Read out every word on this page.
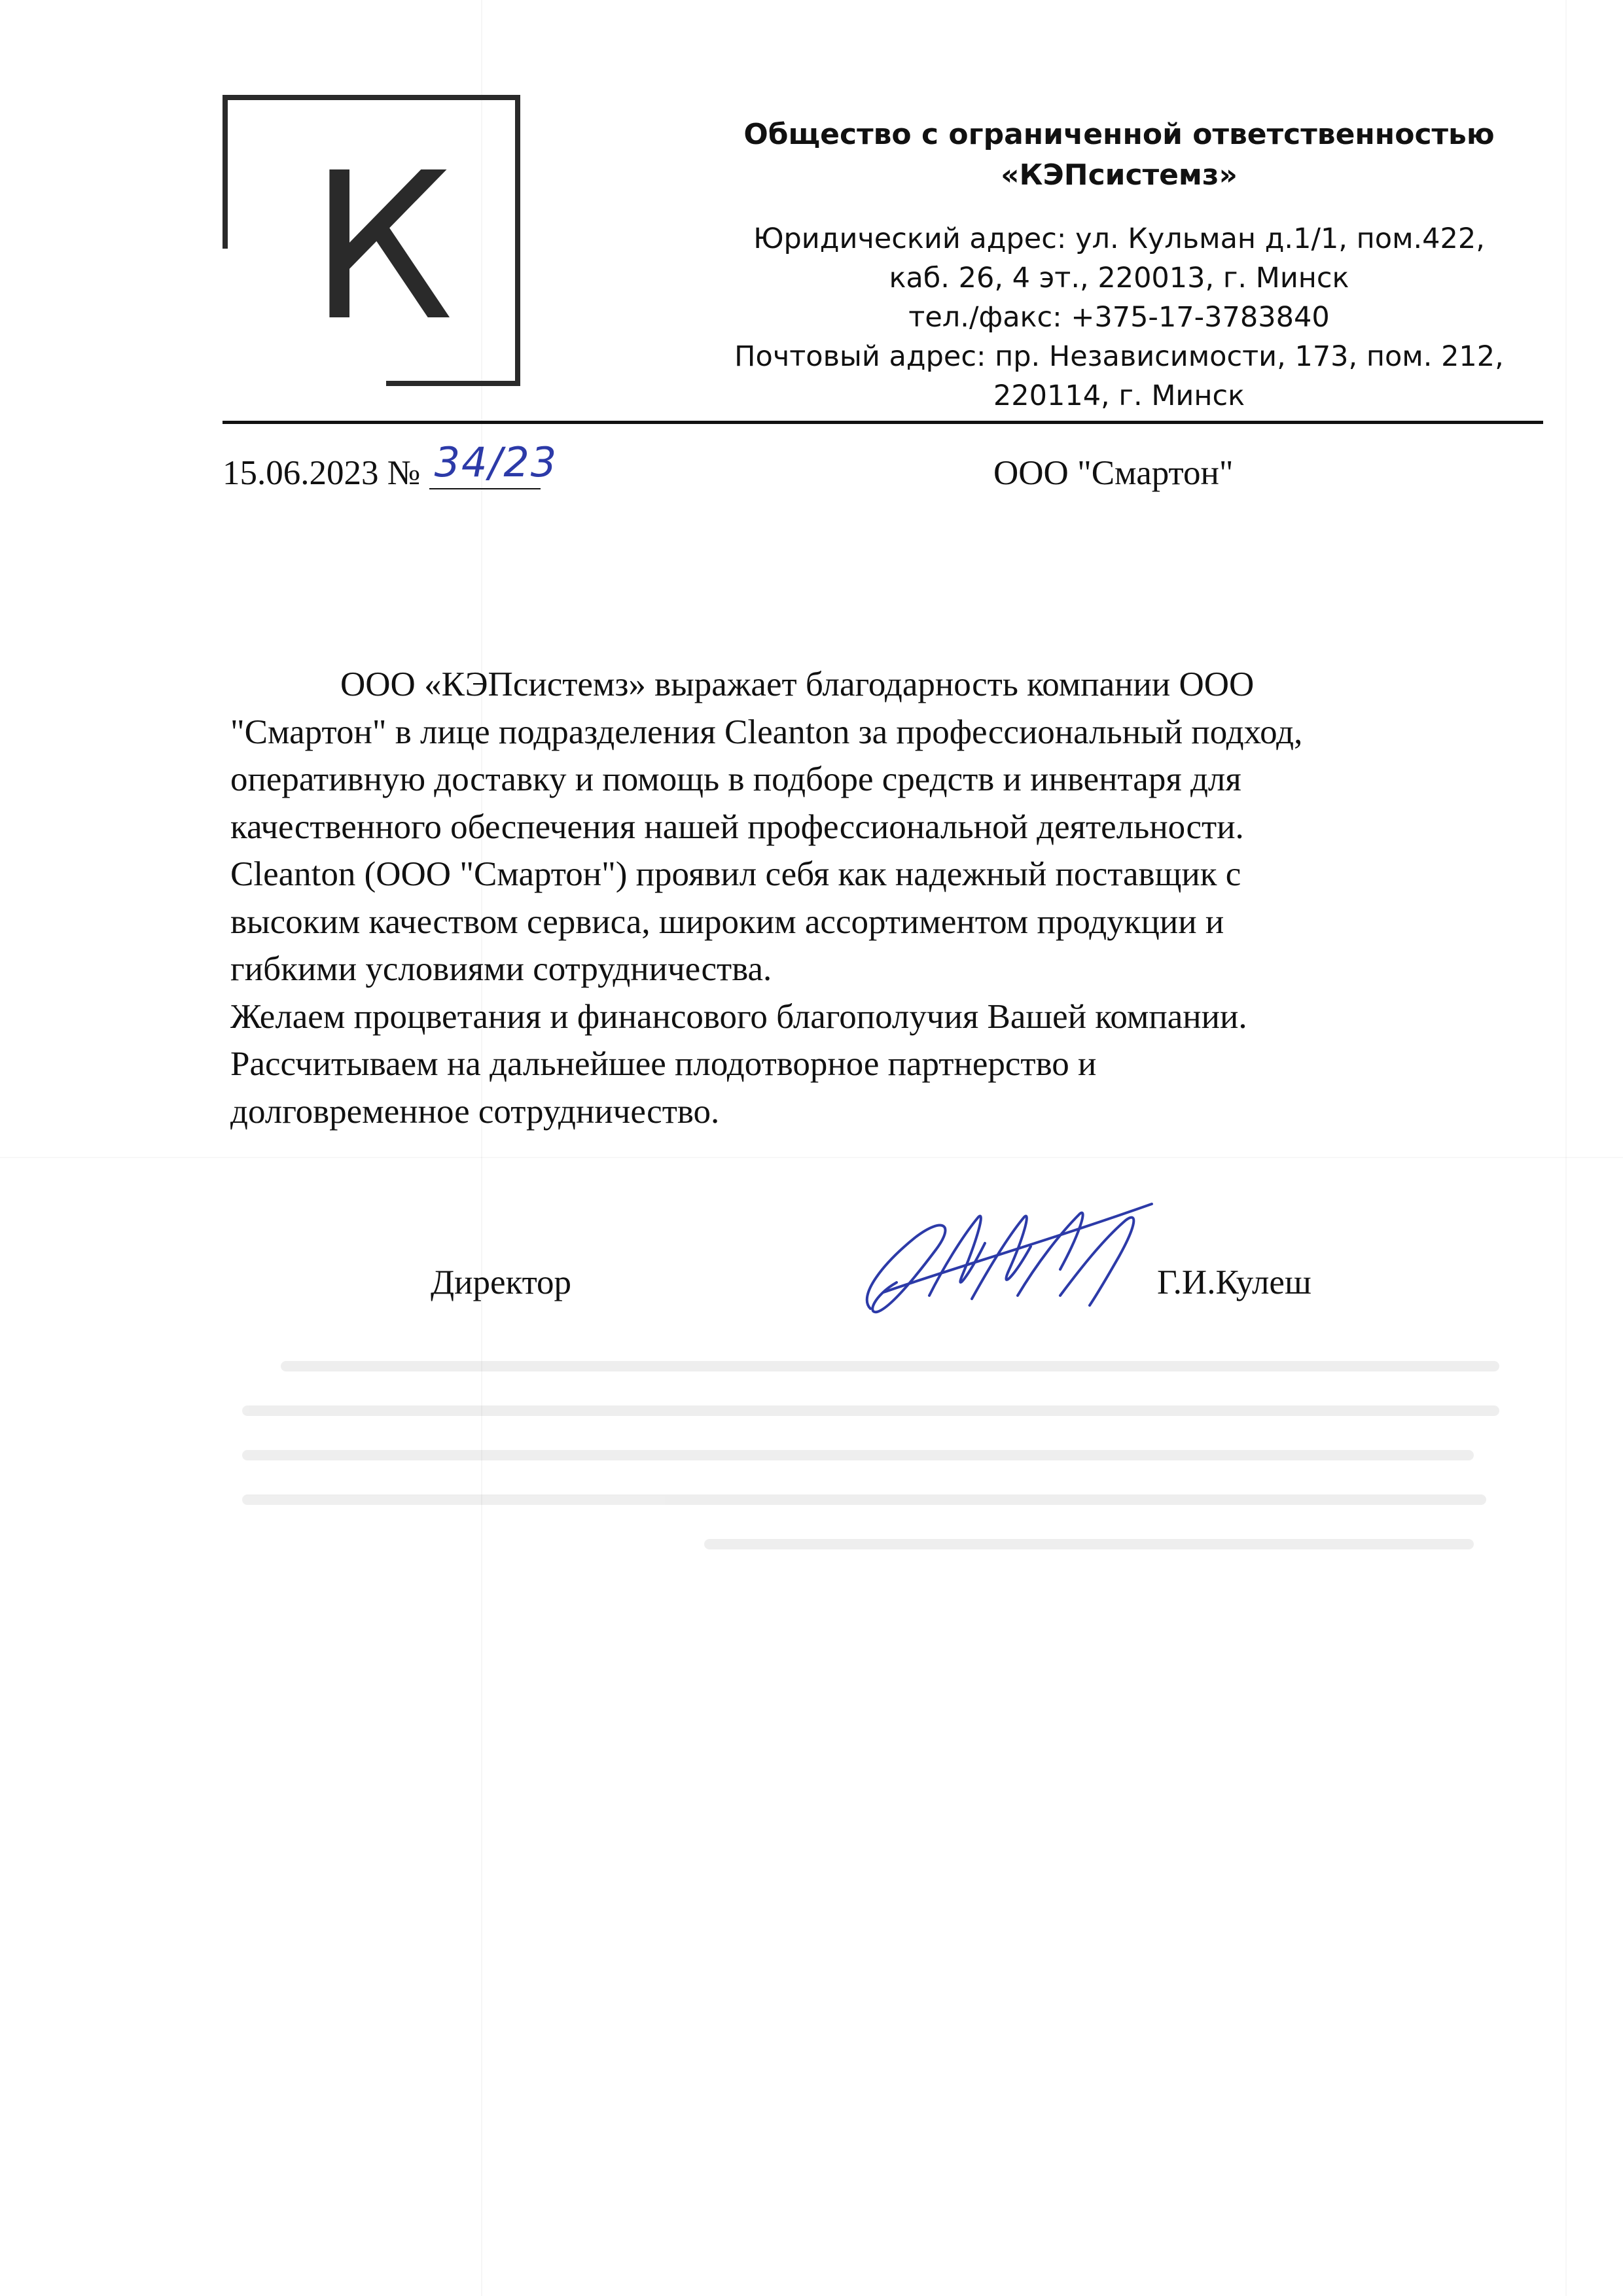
К	Общество с ограниченной ответственностью
«КЭПсистемз»
Юридический адрес: ул. Кульман д.1/1, пом.422,
каб. 26, 4 эт., 220013, г. Минск
тел./факс: +375-17-3783840
Почтовый адрес: пр. Независимости, 173, пом. 212,
220114, г. Минск
15.06.2023 № 34/23	ООО "Смартон"

ООО «КЭПсистемз» выражает благодарность компании ООО

"Смартон" в лице подразделения Cleanton за профессиональный подход,

оперативную доставку и помощь в подборе средств и инвентаря для

качественного обеспечения нашей профессиональной деятельности.

Cleanton (ООО "Смартон") проявил себя как надежный поставщик с

высоким качеством сервиса, широким ассортиментом продукции и

гибкими условиями сотрудничества.

Желаем процветания и финансового благополучия Вашей компании.

Рассчитываем на дальнейшее плодотворное партнерство и

долговременное сотрудничество.

Директор	Г.И.Кулеш
